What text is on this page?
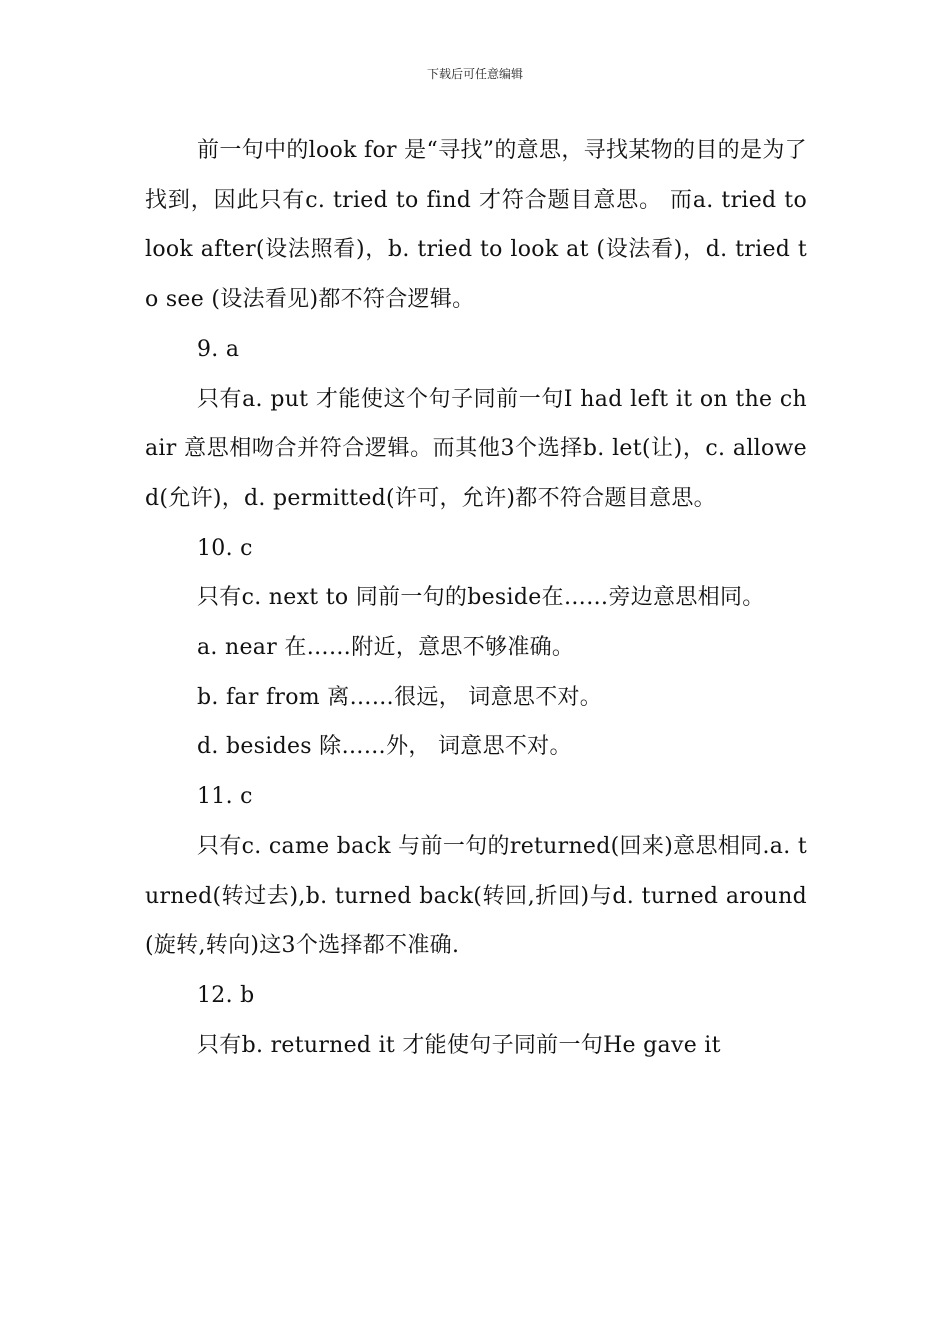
下载后可任意编辑

前一句中的look for 是“寻找”的意思，寻找某物的目的是为了找到，因此只有c. tried to find 才符合题目意思。 而a. tried to look after(设法照看)，b. tried to look at (设法看)，d. tried to see (设法看见)都不符合逻辑。

9. a

只有a. put 才能使这个句子同前一句I had left it on the chair 意思相吻合并符合逻辑。而其他3个选择b. let(让)，c. allowed(允许)，d. permitted(许可，允许)都不符合题目意思。

10. c

只有c. next to 同前一句的beside在……旁边意思相同。

a. near 在……附近，意思不够准确。

b. far from 离……很远， 词意思不对。

d. besides 除……外， 词意思不对。

11. c

只有c. came back 与前一句的returned(回来)意思相同.a. turned(转过去),b. turned back(转回,折回)与d. turned around(旋转,转向)这3个选择都不准确.

12. b

只有b. returned it 才能使句子同前一句He gave it
